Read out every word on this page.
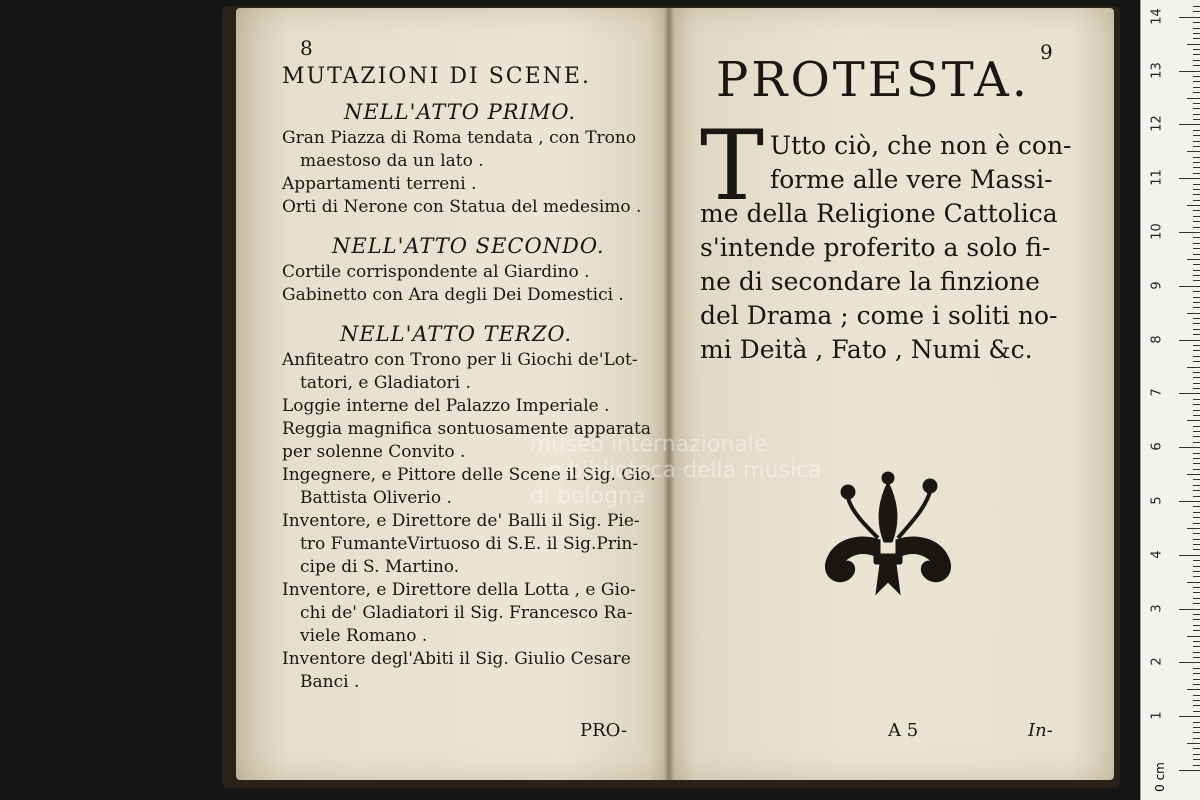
8
MUTAZIONI DI SCENE.
NELL'ATTO PRIMO.
Gran Piazza di Roma tendata , con Trono
maestoso da un lato .
Appartamenti terreni .
Orti di Nerone con Statua del medesimo .
NELL'ATTO SECONDO.
Cortile corrispondente al Giardino .
Gabinetto con Ara degli Dei Domestici .
NELL'ATTO TERZO.
Anfiteatro con Trono per li Giochi de'Lot-
tatori, e Gladiatori .
Loggie interne del Palazzo Imperiale .
Reggia magnifica sontuosamente apparata
per solenne Convito .
Ingegnere, e Pittore delle Scene il Sig. Gio.
Battista Oliverio .
Inventore, e Direttore de' Balli il Sig. Pie-
tro FumanteVirtuoso di S.E. il Sig.Prin-
cipe di S. Martino.
Inventore, e Direttore della Lotta , e Gio-
chi de' Gladiatori il Sig. Francesco Ra-
viele Romano .
Inventore degl'Abiti il Sig. Giulio Cesare
Banci .
PRO-
9
PROTESTA.
T Utto ciò, che non è con-
forme alle vere Massi-
me della Religione Cattolica
s'intende proferito a solo fi-
ne di secondare la finzione
del Drama ; come i soliti no-
mi Deità , Fato , Numi &c.
A 5	In-
museo internazionale
e biblioteca della musica
di bologna
0 cm
1
2
3
4
5
6
7
8
9
10
11
12
13
14
